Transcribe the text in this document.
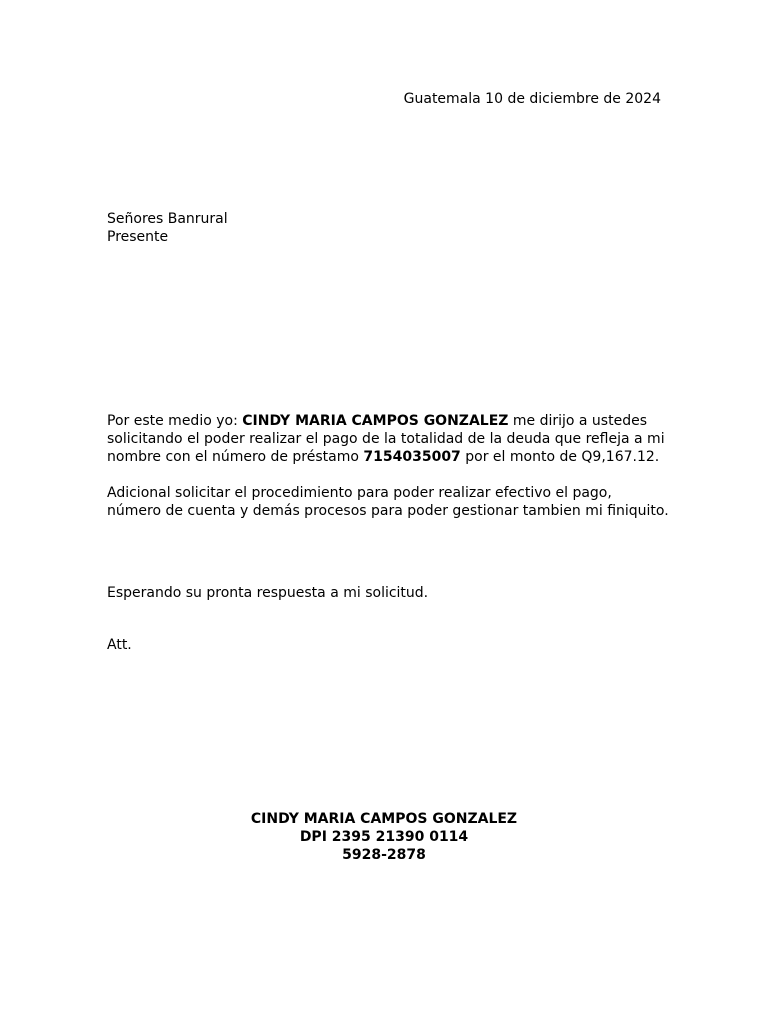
Guatemala 10 de diciembre de 2024
Señores Banrural
Presente
Por este medio yo: CINDY MARIA CAMPOS GONZALEZ me dirijo a ustedes
solicitando el poder realizar el pago de la totalidad de la deuda que refleja a mi
nombre con el número de préstamo 7154035007 por el monto de Q9,167.12.
Adicional solicitar el procedimiento para poder realizar efectivo el pago,
número de cuenta y demás procesos para poder gestionar tambien mi finiquito.
Esperando su pronta respuesta a mi solicitud.
Att.
CINDY MARIA CAMPOS GONZALEZ
DPI 2395 21390 0114
5928-2878
